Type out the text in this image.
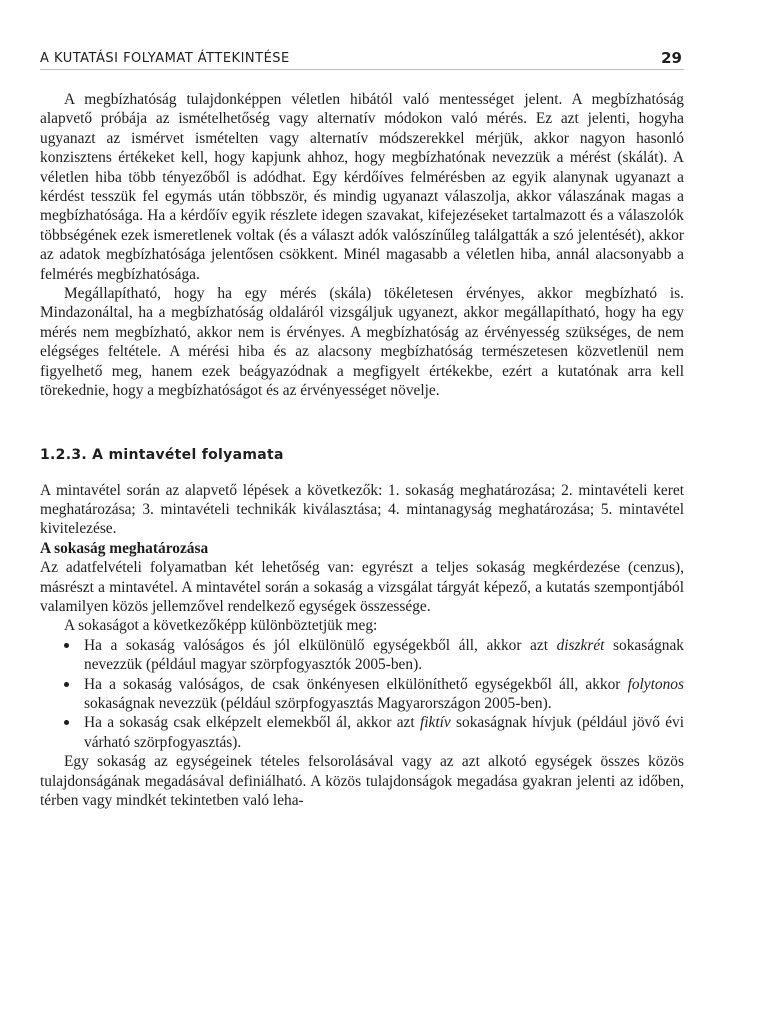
A KUTATÁSI FOLYAMAT ÁTTEKINTÉSE	29

A megbízhatóság tulajdonképpen véletlen hibától való mentességet jelent. A megbízhatóság alapvető próbája az ismételhetőség vagy alternatív módokon való mérés. Ez azt jelenti, hogyha ugyanazt az ismérvet ismételten vagy alternatív módszerekkel mérjük, akkor nagyon hasonló konzisztens értékeket kell, hogy kapjunk ahhoz, hogy megbízhatónak nevezzük a mérést (skálát). A véletlen hiba több tényezőből is adódhat. Egy kérdőíves felmérésben az egyik alanynak ugyanazt a kérdést tesszük fel egymás után többször, és mindig ugyanazt válaszolja, akkor válaszának magas a megbízhatósága. Ha a kérdőív egyik részlete idegen szavakat, kifejezéseket tartalmazott és a válaszolók többségének ezek ismeretlenek voltak (és a választ adók valószínűleg találgatták a szó jelentését), akkor az adatok megbízhatósága jelentősen csökkent. Minél magasabb a véletlen hiba, annál alacsonyabb a felmérés megbízhatósága.

Megállapítható, hogy ha egy mérés (skála) tökéletesen érvényes, akkor megbízható is. Mindazonáltal, ha a megbízhatóság oldaláról vizsgáljuk ugyanezt, akkor megállapítható, hogy ha egy mérés nem megbízható, akkor nem is érvényes. A megbízhatóság az érvényesség szükséges, de nem elégséges feltétele. A mérési hiba és az alacsony megbízhatóság természetesen közvetlenül nem figyelhető meg, hanem ezek beágyazódnak a megfigyelt értékekbe, ezért a kutatónak arra kell törekednie, hogy a megbízhatóságot és az érvényességet növelje.

1.2.3. A mintavétel folyamata

A mintavétel során az alapvető lépések a következők: 1. sokaság meghatározása; 2. mintavételi keret meghatározása; 3. mintavételi technikák kiválasztása; 4. mintanagyság meghatározása; 5. mintavétel kivitelezése.

A sokaság meghatározása

Az adatfelvételi folyamatban két lehetőség van: egyrészt a teljes sokaság megkérdezése (cenzus), másrészt a mintavétel. A mintavétel során a sokaság a vizsgálat tárgyát képező, a kutatás szempontjából valamilyen közös jellemzővel rendelkező egységek összessége.

A sokaságot a következőképp különböztetjük meg:

Ha a sokaság valóságos és jól elkülönülő egységekből áll, akkor azt diszkrét sokaságnak nevezzük (például magyar szörpfogyasztók 2005-ben).
Ha a sokaság valóságos, de csak önkényesen elkülöníthető egységekből áll, akkor folytonos sokaságnak nevezzük (például szörpfogyasztás Magyarországon 2005-ben).
Ha a sokaság csak elképzelt elemekből ál, akkor azt fiktív sokaságnak hívjuk (például jövő évi várható szörpfogyasztás).

Egy sokaság az egységeinek tételes felsorolásával vagy az azt alkotó egységek összes közös tulajdonságának megadásával definiálható. A közös tulajdonságok megadása gyakran jelenti az időben, térben vagy mindkét tekintetben való leha-
